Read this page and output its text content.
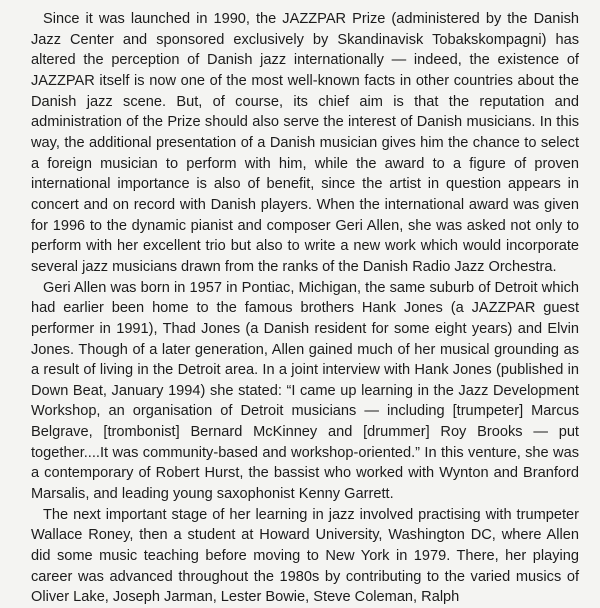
Since it was launched in 1990, the JAZZPAR Prize (administered by the Danish Jazz Center and sponsored exclusively by Skandinavisk Tobakskompagni) has altered the perception of Danish jazz internationally — indeed, the existence of JAZZPAR itself is now one of the most well-known facts in other countries about the Danish jazz scene. But, of course, its chief aim is that the reputation and administration of the Prize should also serve the interest of Danish musicians. In this way, the additional presentation of a Danish musician gives him the chance to select a foreign musician to perform with him, while the award to a figure of proven international importance is also of benefit, since the artist in question appears in concert and on record with Danish players. When the international award was given for 1996 to the dynamic pianist and composer Geri Allen, she was asked not only to perform with her excellent trio but also to write a new work which would incorporate several jazz musicians drawn from the ranks of the Danish Radio Jazz Orchestra.

Geri Allen was born in 1957 in Pontiac, Michigan, the same suburb of Detroit which had earlier been home to the famous brothers Hank Jones (a JAZZPAR guest performer in 1991), Thad Jones (a Danish resident for some eight years) and Elvin Jones. Though of a later generation, Allen gained much of her musical grounding as a result of living in the Detroit area. In a joint interview with Hank Jones (published in Down Beat, January 1994) she stated: “I came up learning in the Jazz Development Workshop, an organisation of Detroit musicians — including [trumpeter] Marcus Belgrave, [trombonist] Bernard McKinney and [drummer] Roy Brooks — put together....It was community-based and workshop-oriented.” In this venture, she was a contemporary of Robert Hurst, the bassist who worked with Wynton and Branford Marsalis, and leading young saxophonist Kenny Garrett.

The next important stage of her learning in jazz involved practising with trumpeter Wallace Roney, then a student at Howard University, Washington DC, where Allen did some music teaching before moving to New York in 1979. There, her playing career was advanced throughout the 1980s by contributing to the varied musics of Oliver Lake, Joseph Jarman, Lester Bowie, Steve Coleman, Ralph
